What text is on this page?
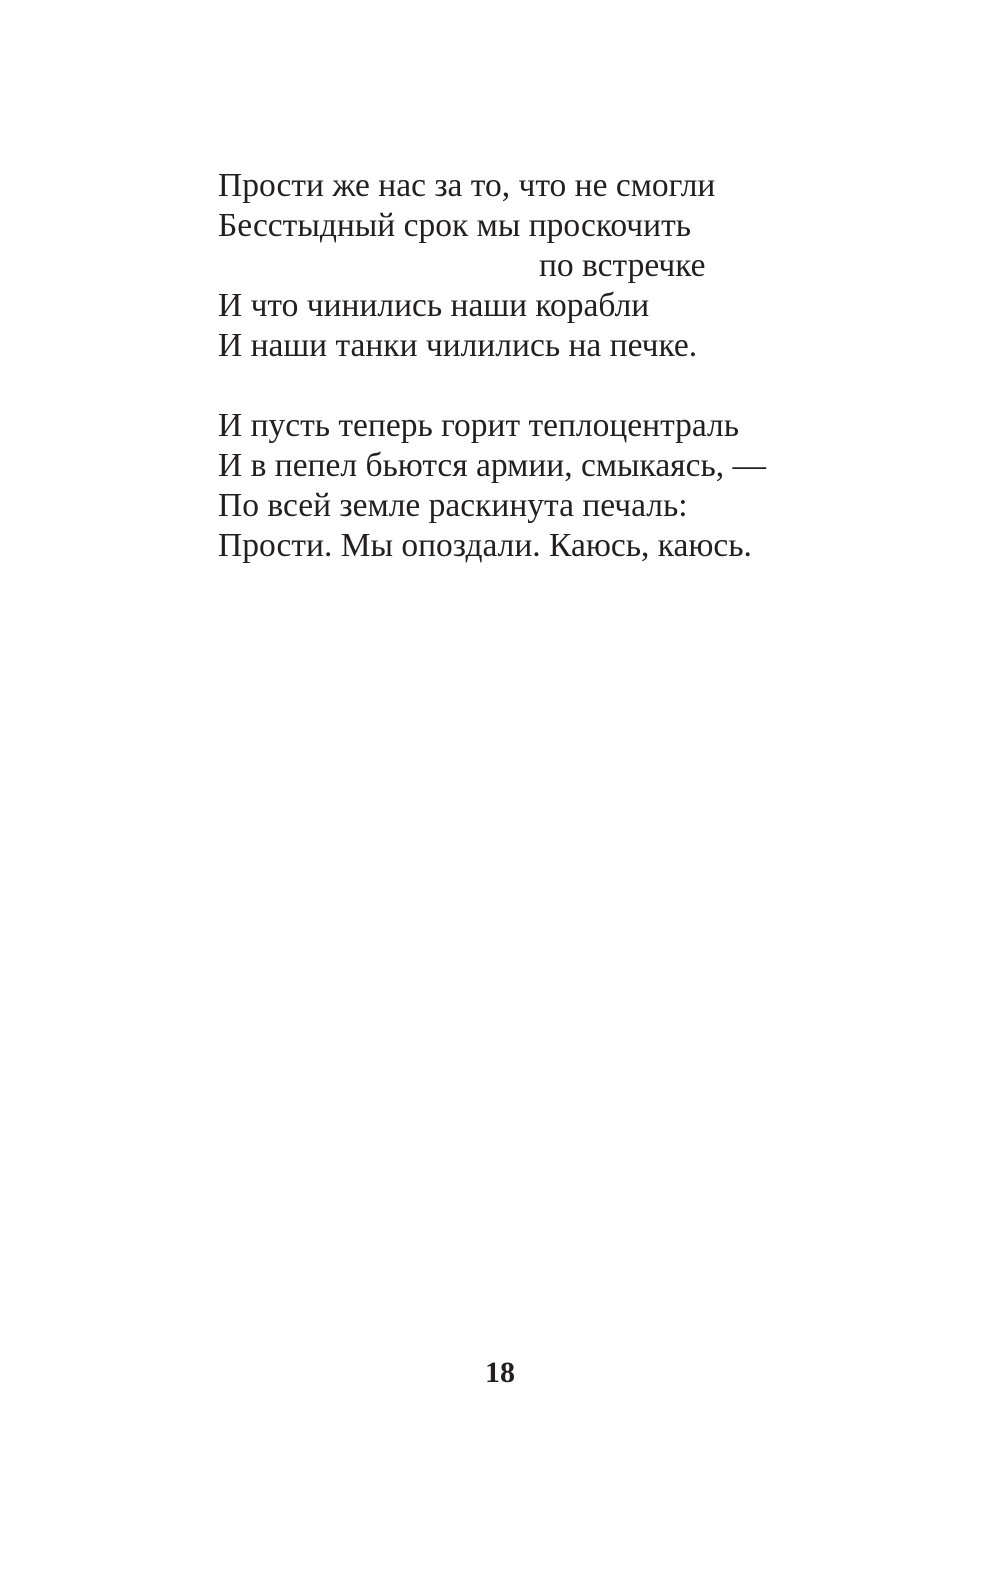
Прости же нас за то, что не смогли
Бесстыдный срок мы проскочить
по встречке
И что чинились наши корабли
И наши танки чилились на печке.
И пусть теперь горит теплоцентраль
И в пепел бьются армии, смыкаясь, —
По всей земле раскинута печаль:
Прости. Мы опоздали. Каюсь, каюсь.
18
